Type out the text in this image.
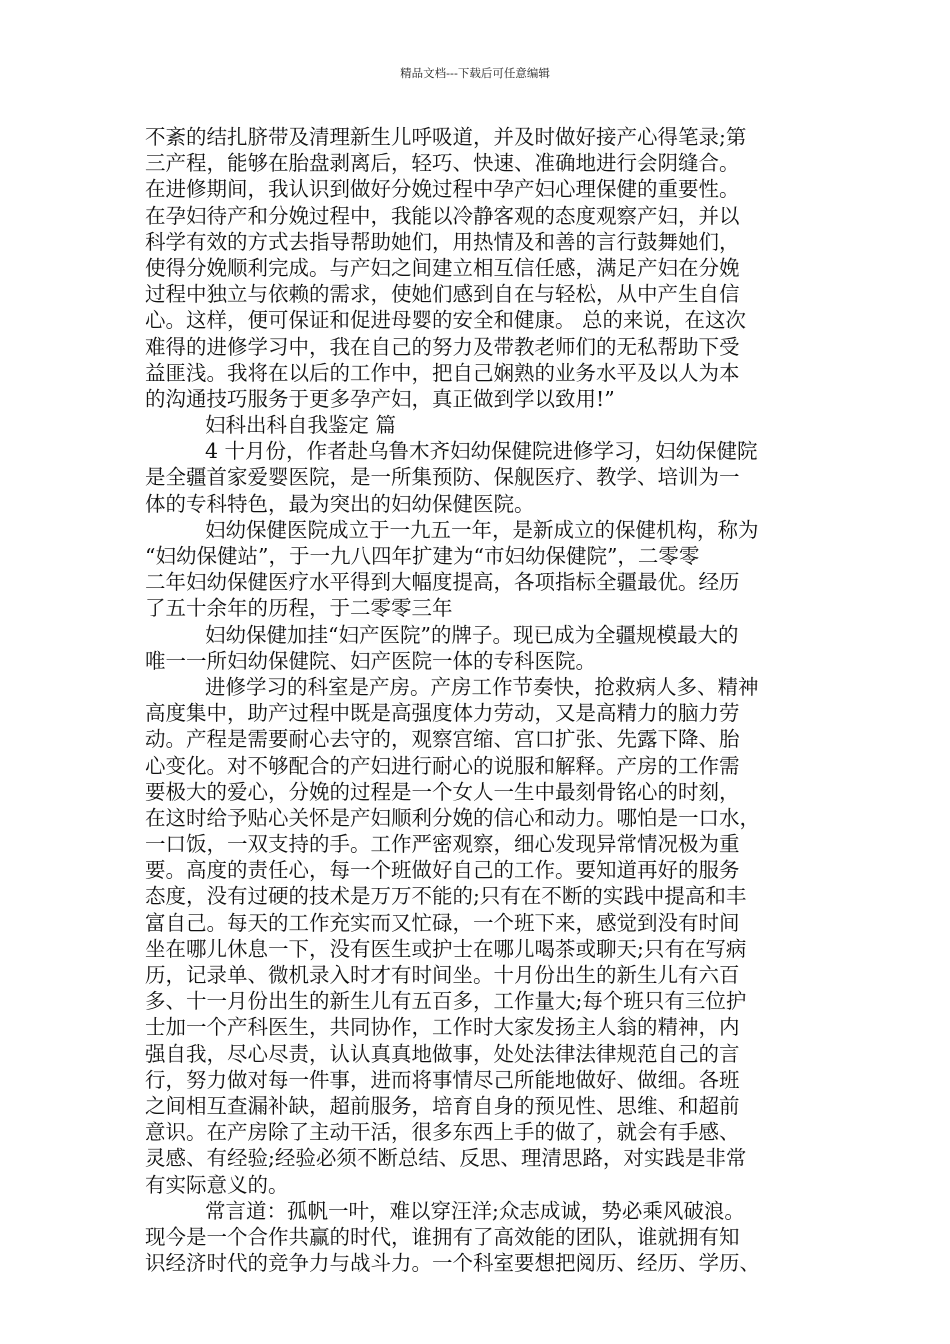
精品文档---下载后可任意编辑
不紊的结扎脐带及清理新生儿呼吸道，并及时做好接产心得笔录;第
三产程，能够在胎盘剥离后，轻巧、快速、准确地进行会阴缝合。
在进修期间，我认识到做好分娩过程中孕产妇心理保健的重要性。
在孕妇待产和分娩过程中，我能以冷静客观的态度观察产妇，并以
科学有效的方式去指导帮助她们，用热情及和善的言行鼓舞她们，
使得分娩顺利完成。与产妇之间建立相互信任感，满足产妇在分娩
过程中独立与依赖的需求，使她们感到自在与轻松，从中产生自信
心。这样，便可保证和促进母婴的安全和健康。 总的来说，在这次
难得的进修学习中，我在自己的努力及带教老师们的无私帮助下受
益匪浅。我将在以后的工作中，把自己娴熟的业务水平及以人为本
的沟通技巧服务于更多孕产妇，真正做到学以致用!”
妇科出科自我鉴定 篇
4 十月份，作者赴乌鲁木齐妇幼保健院进修学习，妇幼保健院
是全疆首家爱婴医院，是一所集预防、保舰医疗、教学、培训为一
体的专科特色，最为突出的妇幼保健医院。
妇幼保健医院成立于一九五一年，是新成立的保健机构，称为
“妇幼保健站”，于一九八四年扩建为“市妇幼保健院”，二零零
二年妇幼保健医疗水平得到大幅度提高，各项指标全疆最优。经历
了五十余年的历程，于二零零三年
妇幼保健加挂“妇产医院”的牌子。现已成为全疆规模最大的
唯一一所妇幼保健院、妇产医院一体的专科医院。
进修学习的科室是产房。产房工作节奏快，抢救病人多、精神
高度集中，助产过程中既是高强度体力劳动，又是高精力的脑力劳
动。产程是需要耐心去守的，观察宫缩、宫口扩张、先露下降、胎
心变化。对不够配合的产妇进行耐心的说服和解释。产房的工作需
要极大的爱心，分娩的过程是一个女人一生中最刻骨铭心的时刻，
在这时给予贴心关怀是产妇顺利分娩的信心和动力。哪怕是一口水，
一口饭，一双支持的手。工作严密观察，细心发现异常情况极为重
要。高度的责任心，每一个班做好自己的工作。要知道再好的服务
态度，没有过硬的技术是万万不能的;只有在不断的实践中提高和丰
富自己。每天的工作充实而又忙碌，一个班下来，感觉到没有时间
坐在哪儿休息一下，没有医生或护士在哪儿喝茶或聊天;只有在写病
历，记录单、微机录入时才有时间坐。十月份出生的新生儿有六百
多、十一月份出生的新生儿有五百多，工作量大;每个班只有三位护
士加一个产科医生，共同协作，工作时大家发扬主人翁的精神，内
强自我，尽心尽责，认认真真地做事，处处法律法律规范自己的言
行，努力做对每一件事，进而将事情尽己所能地做好、做细。各班
之间相互查漏补缺，超前服务，培育自身的预见性、思维、和超前
意识。在产房除了主动干活，很多东西上手的做了，就会有手感、
灵感、有经验;经验必须不断总结、反思、理清思路，对实践是非常
有实际意义的。
常言道：孤帆一叶，难以穿汪洋;众志成诚，势必乘风破浪。
现今是一个合作共赢的时代，谁拥有了高效能的团队，谁就拥有知
识经济时代的竞争力与战斗力。一个科室要想把阅历、经历、学历、
